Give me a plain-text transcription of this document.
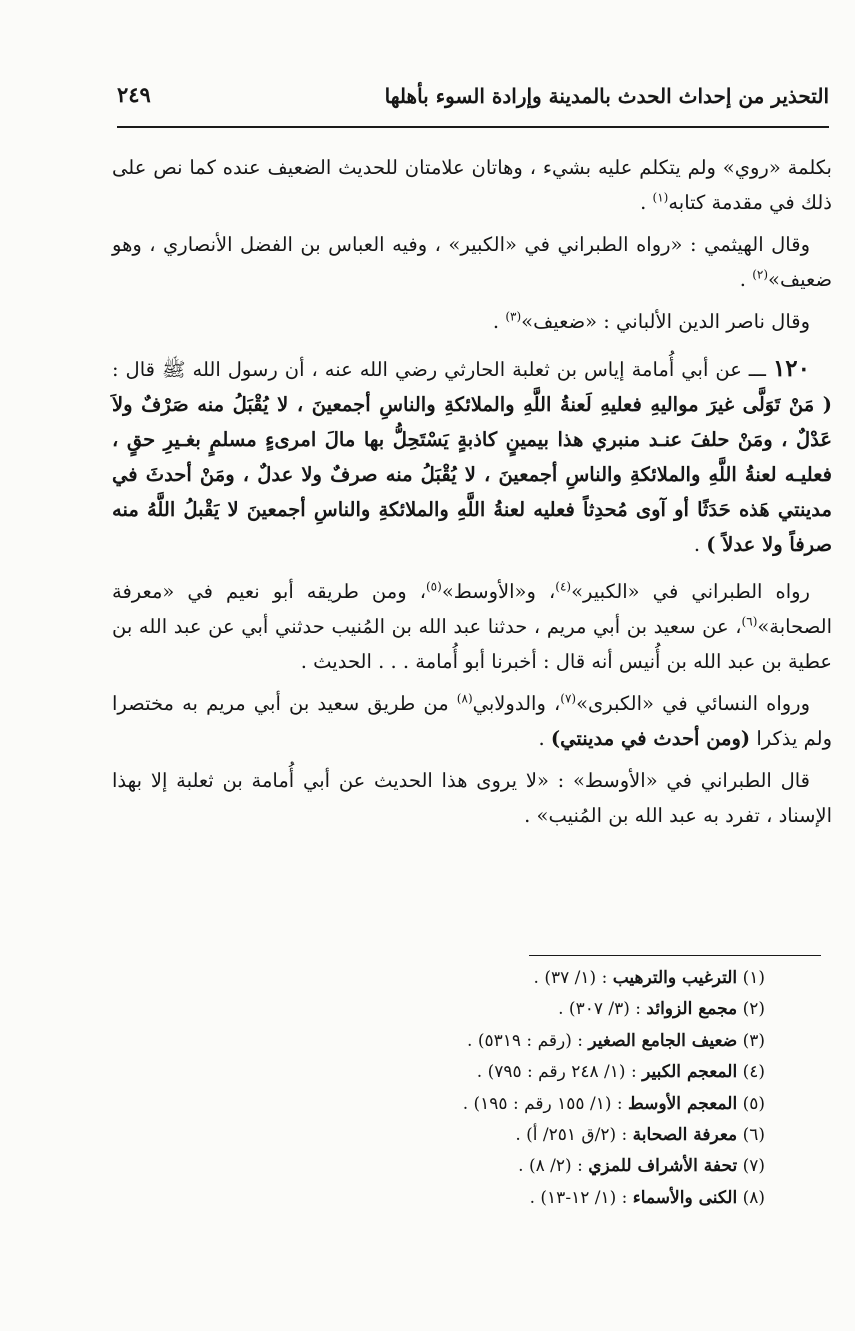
التحذير من إحداث الحدث بالمدينة وإرادة السوء بأهلها
٢٤٩

بكلمة «روي» ولم يتكلم عليه بشيء ، وهاتان علامتان للحديث الضعيف عنده كما نص على ذلك في مقدمة كتابه$^{(١)}$ .

وقال الهيثمي : «رواه الطبراني في «الكبير» ، وفيه العباس بن الفضل الأنصاري ، وهو ضعيف»$^{(٢)}$ .

وقال ناصر الدين الألباني : «ضعيف»$^{(٣)}$ .

١٢٠ ـــ عن أبي أُمامة إياس بن ثعلبة الحارثي رضي الله عنه ، أن رسول الله ﷺ قال : ( مَنْ تَوَلَّى غيرَ مواليهِ فعليهِ لَعنةُ اللَّهِ والملائكةِ والناسِ أجمعينَ ، لا يُقْبَلُ منه صَرْفٌ ولاَ عَدْلٌ ، ومَنْ حلفَ عنـد منبري هذا بيمينٍ كاذبةٍ يَسْتَحِلُّ بها مالَ امرىءٍ مسلمٍ بغـيرِ حقٍ ، فعليـه لعنةُ اللَّهِ والملائكةِ والناسِ أجمعينَ ، لا يُقْبَلُ منه صرفٌ ولا عدلٌ ، ومَنْ أحدثَ في مدينتي هَذه حَدَثًا أو آوى مُحدِثاً فعليه لعنةُ اللَّهِ والملائكةِ والناسِ أجمعينَ لا يَقْبلُ اللَّهُ منه صرفاً ولا عدلاً ) .

رواه الطبراني في «الكبير»$^{(٤)}$، و«الأوسط»$^{(٥)}$، ومن طريقه أبو نعيم في «معرفة الصحابة»$^{(٦)}$، عن سعيد بن أبي مريم ، حدثنا عبد الله بن المُنيب حدثني أبي عن عبد الله بن عطية بن عبد الله بن أُنيس أنه قال : أخبرنا أبو أُمامة . . . الحديث .

ورواه النسائي في «الكبرى»$^{(٧)}$، والدولابي$^{(٨)}$ من طريق سعيد بن أبي مريم به مختصرا ولم يذكرا (ومن أحدث في مدينتي) .

قال الطبراني في «الأوسط» : «لا يروى هذا الحديث عن أبي أُمامة بن ثعلبة إلا بهذا الإسناد ، تفرد به عبد الله بن المُنيب» .

(١) الترغيب والترهيب : (١/ ٣٧) .
(٢) مجمع الزوائد : (٣/ ٣٠٧) .
(٣) ضعيف الجامع الصغير : (رقم : ٥٣١٩) .
(٤) المعجم الكبير : (١/ ٢٤٨ رقم : ٧٩٥) .
(٥) المعجم الأوسط : (١/ ١٥٥ رقم : ١٩٥) .
(٦) معرفة الصحابة : (٢/ق ٢٥١/ أ) .
(٧) تحفة الأشراف للمزي : (٢/ ٨) .
(٨) الكنى والأسماء : (١/ ١٢-١٣) .
